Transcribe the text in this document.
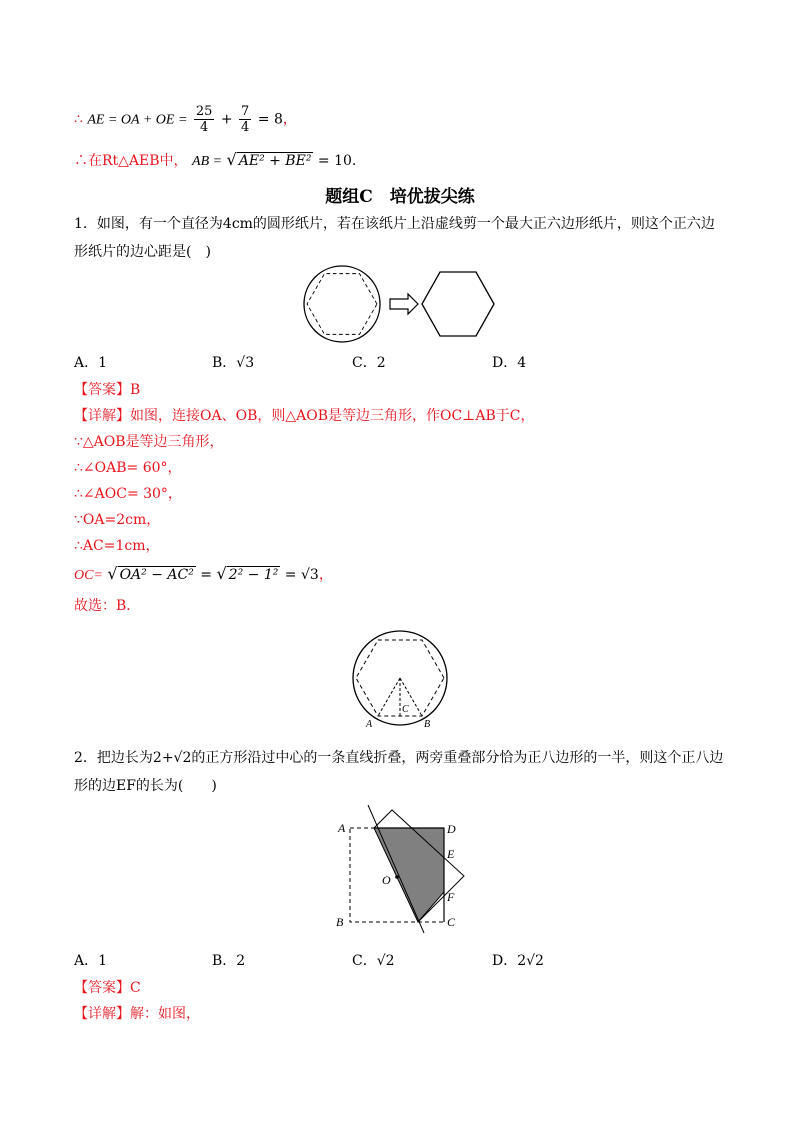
∴ AE = OA + OE = $\frac{25}{4} + \frac{7}{4} = 8$，
∴在Rt△AEB中， AB = √ AE² + BE² = 10.
题组C　培优拔尖练
1．如图，有一个直径为4cm的圆形纸片，若在该纸片上沿虚线剪一个最大正六边形纸片，则这个正六边
形纸片的边心距是(　)
A．1	B．√3	C．2	D．4
【答案】B
【详解】如图，连接OA、OB，则△AOB是等边三角形，作OC⊥AB于C，
∵△AOB是等边三角形，
∴∠OAB= 60°，
∴∠AOC= 30°，
∵OA=2cm，
∴AC=1cm，
OC= √ OA² − AC² = √ 2² − 1² = √3，
故选：B．
A	B
C
2．把边长为2+√2的正方形沿过中心的一条直线折叠，两旁重叠部分恰为正八边形的一半，则这个正八边
形的边EF的长为(　　)
A
B	C
D
E
F
O
A．1	B．2	C．√2	D．2√2
【答案】C
【详解】解：如图，
